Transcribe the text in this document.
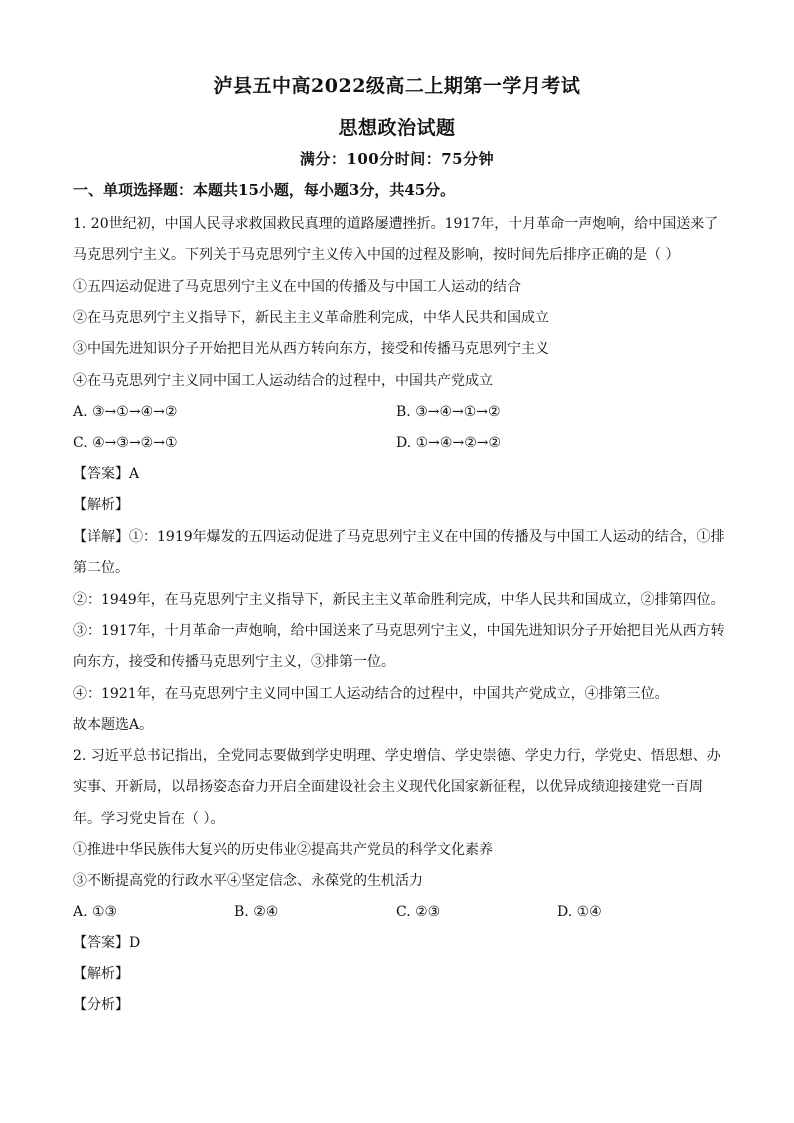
泸县五中高2022级高二上期第一学月考试
思想政治试题
满分：100分时间：75分钟
一、单项选择题：本题共15小题，每小题3分，共45分。
1. 20世纪初，中国人民寻求救国救民真理的道路屡遭挫折。1917年，十月革命一声炮响，给中国送来了
马克思列宁主义。下列关于马克思列宁主义传入中国的过程及影响，按时间先后排序正确的是（ ）
①五四运动促进了马克思列宁主义在中国的传播及与中国工人运动的结合
②在马克思列宁主义指导下，新民主主义革命胜利完成，中华人民共和国成立
③中国先进知识分子开始把目光从西方转向东方，接受和传播马克思列宁主义
④在马克思列宁主义同中国工人运动结合的过程中，中国共产党成立
A. ③→①→④→②	B. ③→④→①→②
C. ④→③→②→①	D. ①→④→②→②
【答案】A
【解析】
【详解】①：1919年爆发的五四运动促进了马克思列宁主义在中国的传播及与中国工人运动的结合，①排
第二位。
②：1949年，在马克思列宁主义指导下，新民主主义革命胜利完成，中华人民共和国成立，②排第四位。
③：1917年，十月革命一声炮响，给中国送来了马克思列宁主义，中国先进知识分子开始把目光从西方转
向东方，接受和传播马克思列宁主义，③排第一位。
④：1921年，在马克思列宁主义同中国工人运动结合的过程中，中国共产党成立，④排第三位。
故本题选A。
2. 习近平总书记指出，全党同志要做到学史明理、学史增信、学史崇德、学史力行，学党史、悟思想、办
实事、开新局，以昂扬姿态奋力开启全面建设社会主义现代化国家新征程，以优异成绩迎接建党一百周
年。学习党史旨在（ ）。
①推进中华民族伟大复兴的历史伟业②提高共产党员的科学文化素养
③不断提高党的行政水平④坚定信念、永葆党的生机活力
A. ①③	B. ②④	C. ②③	D. ①④
【答案】D
【解析】
【分析】
